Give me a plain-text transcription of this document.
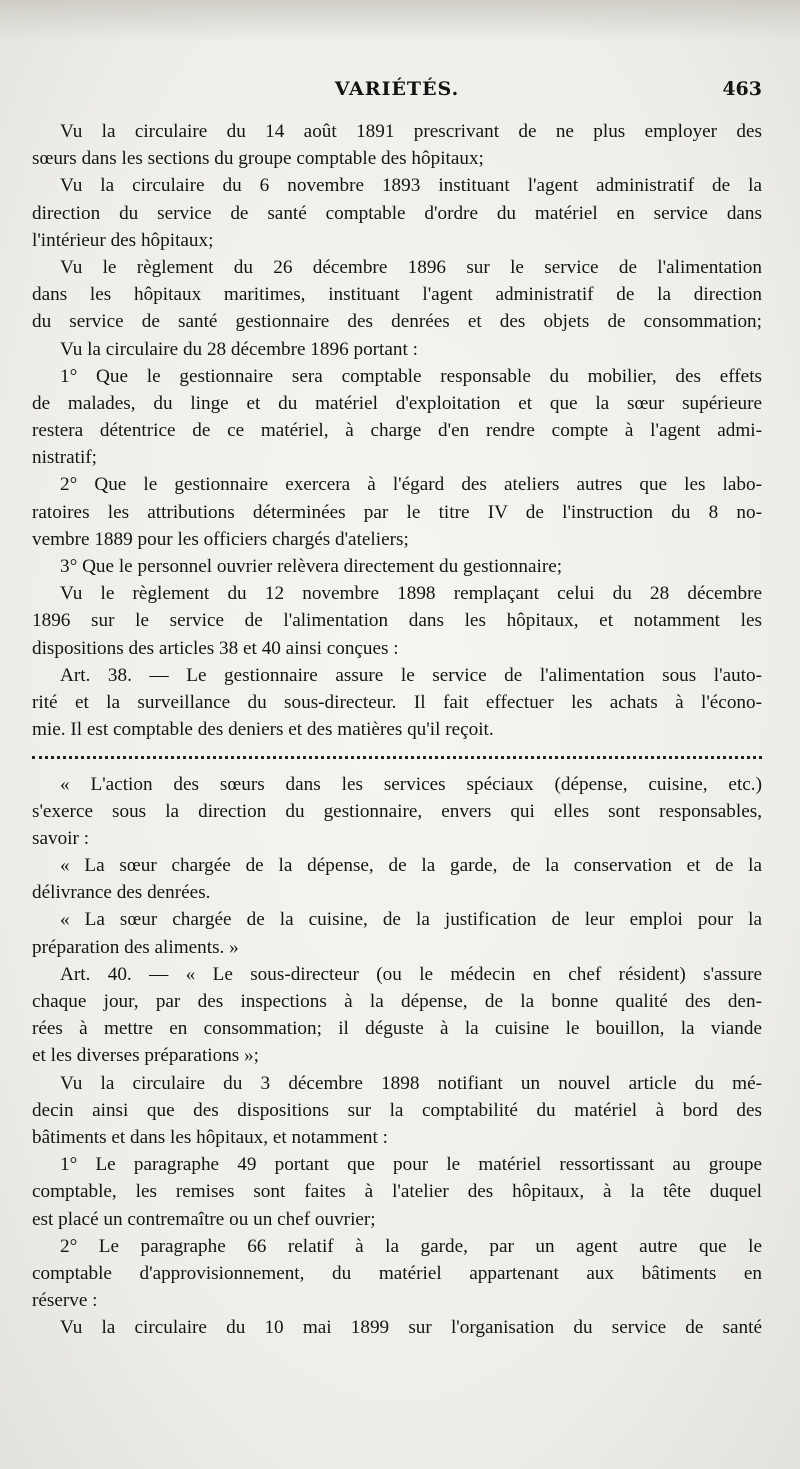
VARIÉTÉS.	463
Vu la circulaire du 14 août 1891 prescrivant de ne plus employer des
sœurs dans les sections du groupe comptable des hôpitaux;
Vu la circulaire du 6 novembre 1893 instituant l'agent administratif de la
direction du service de santé comptable d'ordre du matériel en service dans
l'intérieur des hôpitaux;
Vu le règlement du 26 décembre 1896 sur le service de l'alimentation
dans les hôpitaux maritimes, instituant l'agent administratif de la direction
du service de santé gestionnaire des denrées et des objets de consommation;
Vu la circulaire du 28 décembre 1896 portant :
1° Que le gestionnaire sera comptable responsable du mobilier, des effets
de malades, du linge et du matériel d'exploitation et que la sœur supérieure
restera détentrice de ce matériel, à charge d'en rendre compte à l'agent admi-
nistratif;
2° Que le gestionnaire exercera à l'égard des ateliers autres que les labo-
ratoires les attributions déterminées par le titre IV de l'instruction du 8 no-
vembre 1889 pour les officiers chargés d'ateliers;
3° Que le personnel ouvrier relèvera directement du gestionnaire;
Vu le règlement du 12 novembre 1898 remplaçant celui du 28 décembre
1896 sur le service de l'alimentation dans les hôpitaux, et notamment les
dispositions des articles 38 et 40 ainsi conçues :
Art. 38. — Le gestionnaire assure le service de l'alimentation sous l'auto-
rité et la surveillance du sous-directeur. Il fait effectuer les achats à l'écono-
mie. Il est comptable des deniers et des matières qu'il reçoit.
« L'action des sœurs dans les services spéciaux (dépense, cuisine, etc.)
s'exerce sous la direction du gestionnaire, envers qui elles sont responsables,
savoir :
« La sœur chargée de la dépense, de la garde, de la conservation et de la
délivrance des denrées.
« La sœur chargée de la cuisine, de la justification de leur emploi pour la
préparation des aliments. »
Art. 40. — « Le sous-directeur (ou le médecin en chef résident) s'assure
chaque jour, par des inspections à la dépense, de la bonne qualité des den-
rées à mettre en consommation; il déguste à la cuisine le bouillon, la viande
et les diverses préparations »;
Vu la circulaire du 3 décembre 1898 notifiant un nouvel article du mé-
decin ainsi que des dispositions sur la comptabilité du matériel à bord des
bâtiments et dans les hôpitaux, et notamment :
1° Le paragraphe 49 portant que pour le matériel ressortissant au groupe
comptable, les remises sont faites à l'atelier des hôpitaux, à la tête duquel
est placé un contremaître ou un chef ouvrier;
2° Le paragraphe 66 relatif à la garde, par un agent autre que le
comptable d'approvisionnement, du matériel appartenant aux bâtiments en
réserve :
Vu la circulaire du 10 mai 1899 sur l'organisation du service de santé
